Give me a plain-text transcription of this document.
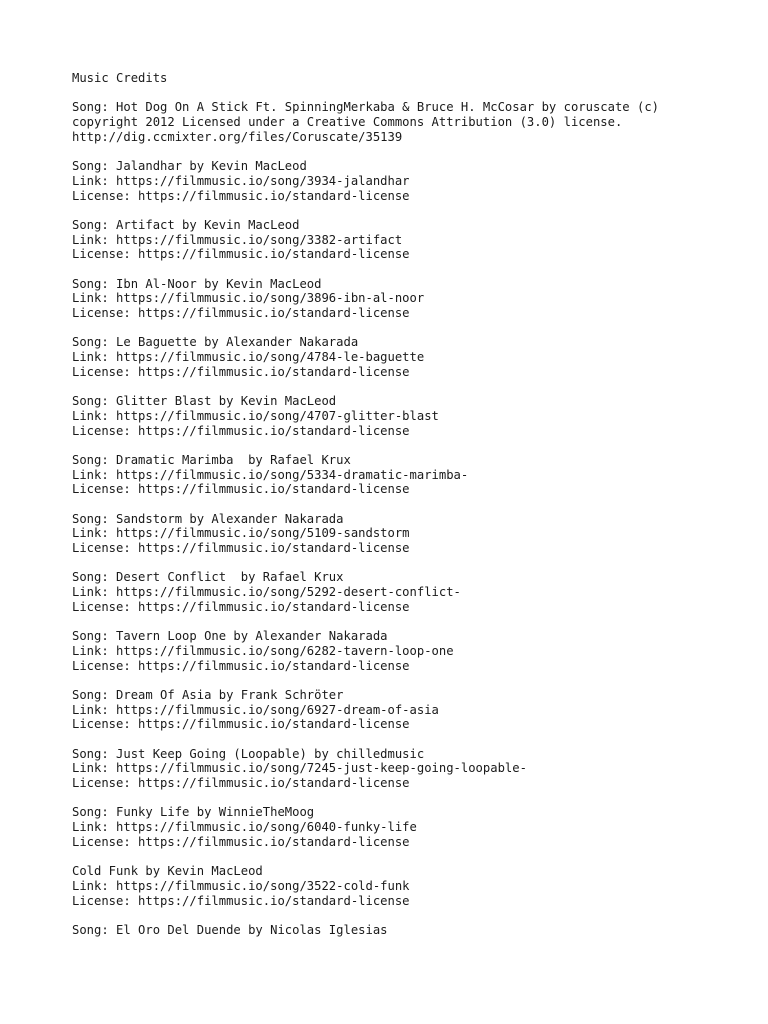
Music Credits
Song: Hot Dog On A Stick Ft. SpinningMerkaba & Bruce H. McCosar by coruscate (c)
copyright 2012 Licensed under a Creative Commons Attribution (3.0) license.
http://dig.ccmixter.org/files/Coruscate/35139
Song: Jalandhar by Kevin MacLeod
Link: https://filmmusic.io/song/3934-jalandhar
License: https://filmmusic.io/standard-license
Song: Artifact by Kevin MacLeod
Link: https://filmmusic.io/song/3382-artifact
License: https://filmmusic.io/standard-license
Song: Ibn Al-Noor by Kevin MacLeod
Link: https://filmmusic.io/song/3896-ibn-al-noor
License: https://filmmusic.io/standard-license
Song: Le Baguette by Alexander Nakarada
Link: https://filmmusic.io/song/4784-le-baguette
License: https://filmmusic.io/standard-license
Song: Glitter Blast by Kevin MacLeod
Link: https://filmmusic.io/song/4707-glitter-blast
License: https://filmmusic.io/standard-license
Song: Dramatic Marimba  by Rafael Krux
Link: https://filmmusic.io/song/5334-dramatic-marimba-
License: https://filmmusic.io/standard-license
Song: Sandstorm by Alexander Nakarada
Link: https://filmmusic.io/song/5109-sandstorm
License: https://filmmusic.io/standard-license
Song: Desert Conflict  by Rafael Krux
Link: https://filmmusic.io/song/5292-desert-conflict-
License: https://filmmusic.io/standard-license
Song: Tavern Loop One by Alexander Nakarada
Link: https://filmmusic.io/song/6282-tavern-loop-one
License: https://filmmusic.io/standard-license
Song: Dream Of Asia by Frank Schröter
Link: https://filmmusic.io/song/6927-dream-of-asia
License: https://filmmusic.io/standard-license
Song: Just Keep Going (Loopable) by chilledmusic
Link: https://filmmusic.io/song/7245-just-keep-going-loopable-
License: https://filmmusic.io/standard-license
Song: Funky Life by WinnieTheMoog
Link: https://filmmusic.io/song/6040-funky-life
License: https://filmmusic.io/standard-license
Cold Funk by Kevin MacLeod
Link: https://filmmusic.io/song/3522-cold-funk
License: https://filmmusic.io/standard-license
Song: El Oro Del Duende by Nicolas Iglesias
